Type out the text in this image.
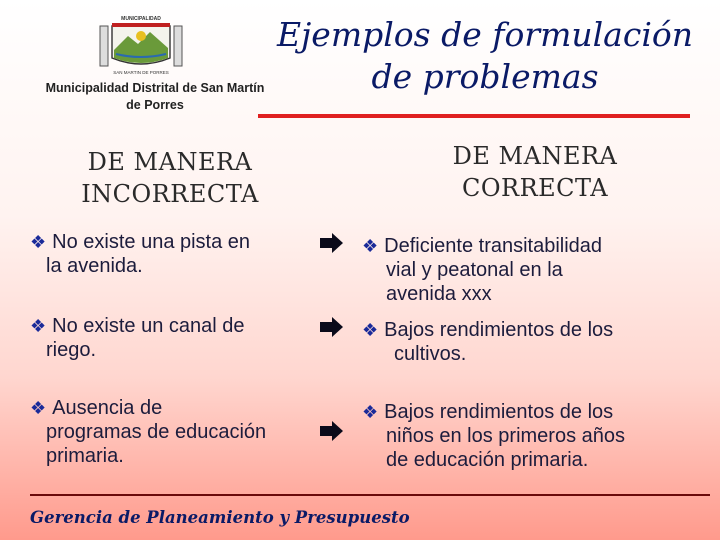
MUNICIPALIDAD
SAN MARTIN DE PORRES
Municipalidad Distrital de San Martín de Porres
Ejemplos de formulación de problemas
DE MANERA INCORRECTA
DE MANERA CORRECTA
❖ No existe una pista en
la avenida.
❖ No existe un canal de
riego.
❖ Ausencia de
programas de educación
primaria.
❖ Deficiente transitabilidad
vial y peatonal en la
avenida xxx
❖ Bajos rendimientos de los
cultivos.
❖ Bajos rendimientos de los
niños en los primeros años
de educación primaria.
Gerencia de Planeamiento y Presupuesto
